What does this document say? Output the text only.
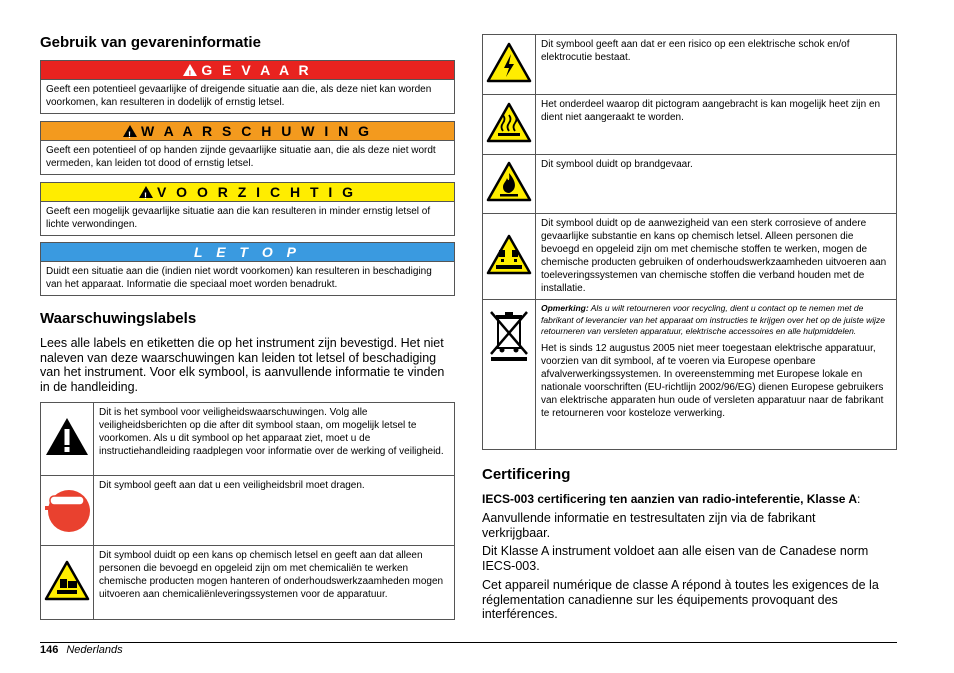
Gebruik van gevareninformatie
!G E V A A R
Geeft een potentieel gevaarlijke of dreigende situatie aan die, als deze niet kan worden voorkomen, kan resulteren in dodelijk of ernstig letsel.
!W A A R S C H U W I N G
Geeft een potentieel of op handen zijnde gevaarlijke situatie aan, die als deze niet wordt vermeden, kan leiden tot dood of ernstig letsel.
!V O O R Z I C H T I G
Geeft een mogelijk gevaarlijke situatie aan die kan resulteren in minder ernstig letsel of lichte verwondingen.
L E T O P
Duidt een situatie aan die (indien niet wordt voorkomen) kan resulteren in beschadiging van het apparaat. Informatie die speciaal moet worden benadrukt.
Waarschuwingslabels
Lees alle labels en etiketten die op het instrument zijn bevestigd. Het niet naleven van deze waarschuwingen kan leiden tot letsel of beschadiging van het instrument. Voor elk symbool, is aanvullende informatie te vinden in de handleiding.
	Dit is het symbool voor veiligheidswaarschuwingen. Volg alle veiligheidsberichten op die after dit symbool staan, om mogelijk letsel te voorkomen. Als u dit symbool op het apparaat ziet, moet u de instructiehandleiding raadplegen voor informatie over de werking of veiligheid.
	Dit symbool geeft aan dat u een veiligheidsbril moet dragen.
	Dit symbool duidt op een kans op chemisch letsel en geeft aan dat alleen personen die bevoegd en opgeleid zijn om met chemicaliën te werken chemische producten mogen hanteren of onderhoudswerkzaamheden mogen uitvoeren aan chemicaliënleveringssystemen voor de apparatuur.
	Dit symbool geeft aan dat er een risico op een elektrische schok en/of elektrocutie bestaat.
	Het onderdeel waarop dit pictogram aangebracht is kan mogelijk heet zijn en dient niet aangeraakt te worden.
	Dit symbool duidt op brandgevaar.
	Dit symbool duidt op de aanwezigheid van een sterk corrosieve of andere gevaarlijke substantie en kans op chemisch letsel. Alleen personen die bevoegd en opgeleid zijn om met chemische stoffen te werken, mogen de chemische producten gebruiken of onderhoudswerkzaamheden uitvoeren aan toeleveringssystemen van chemische stoffen die verband houden met de installatie.

Opmerking: Als u wilt retourneren voor recycling, dient u contact op te nemen met de fabrikant of leverancier van het apparaat om instructies te krijgen over het op de juiste wijze retourneren van versleten apparatuur, elektrische accessoires en alle hulpmiddelen.
Het is sinds 12 augustus 2005 niet meer toegestaan elektrische apparatuur, voorzien van dit symbool, af te voeren via Europese openbare afvalverwerkingssystemen. In overeenstemming met Europese lokale en nationale voorschriften (EU-richtlijn 2002/96/EG) dienen Europese gebruikers van elektrische apparaten hun oude of versleten apparatuur naar de fabrikant te retourneren voor kosteloze verwerking.
Certificering
IECS-003 certificering ten aanzien van radio-inteferentie, Klasse A:
Aanvullende informatie en testresultaten zijn via de fabrikant verkrijgbaar.
Dit Klasse A instrument voldoet aan alle eisen van de Canadese norm IECS-003.
Cet appareil numérique de classe A répond à toutes les exigences de la réglementation canadienne sur les équipements provoquant des interférences.
146 Nederlands
